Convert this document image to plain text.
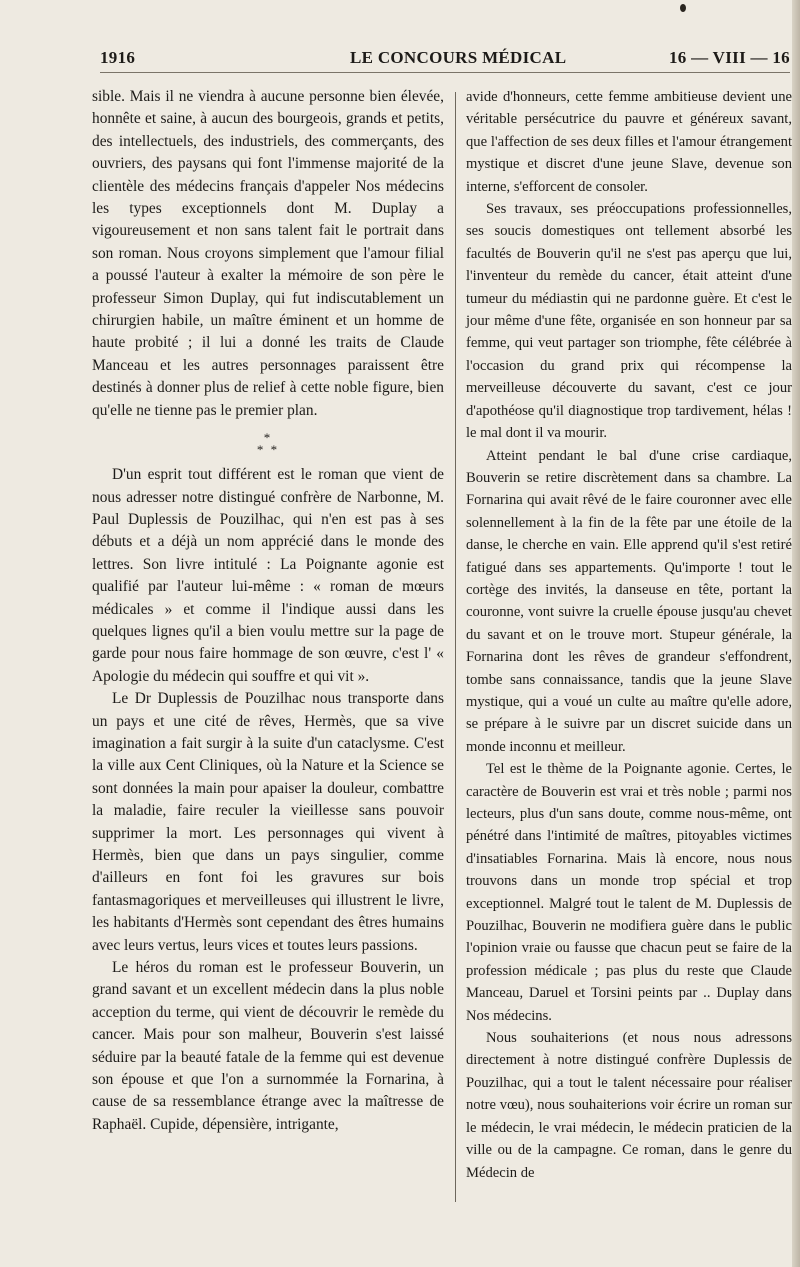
1916	LE CONCOURS MÉDICAL	16 — VIII — 16

sible. Mais il ne viendra à aucune personne bien élevée, honnête et saine, à aucun des bourgeois, grands et petits, des intellectuels, des industriels, des commerçants, des ouvriers, des paysans qui font l'immense majorité de la clientèle des médecins français d'appeler Nos médecins les types exceptionnels dont M. Duplay a vigoureusement et non sans talent fait le portrait dans son roman. Nous croyons simplement que l'amour filial a poussé l'auteur à exalter la mémoire de son père le professeur Simon Duplay, qui fut indiscutablement un chirurgien habile, un maître éminent et un homme de haute probité ; il lui a donné les traits de Claude Manceau et les autres personnages paraissent être destinés à donner plus de relief à cette noble figure, bien qu'elle ne tienne pas le premier plan.

*
* *

D'un esprit tout différent est le roman que vient de nous adresser notre distingué confrère de Narbonne, M. Paul Duplessis de Pouzilhac, qui n'en est pas à ses débuts et a déjà un nom apprécié dans le monde des lettres. Son livre intitulé : La Poignante agonie est qualifié par l'auteur lui-même : « roman de mœurs médicales » et comme il l'indique aussi dans les quelques lignes qu'il a bien voulu mettre sur la page de garde pour nous faire hommage de son œuvre, c'est l' « Apologie du médecin qui souffre et qui vit ».

Le Dr Duplessis de Pouzilhac nous transporte dans un pays et une cité de rêves, Hermès, que sa vive imagination a fait surgir à la suite d'un cataclysme. C'est la ville aux Cent Cliniques, où la Nature et la Science se sont données la main pour apaiser la douleur, combattre la maladie, faire reculer la vieillesse sans pouvoir supprimer la mort. Les personnages qui vivent à Hermès, bien que dans un pays singulier, comme d'ailleurs en font foi les gravures sur bois fantasmagoriques et merveilleuses qui illustrent le livre, les habitants d'Hermès sont cependant des êtres humains avec leurs vertus, leurs vices et toutes leurs passions.

Le héros du roman est le professeur Bouverin, un grand savant et un excellent médecin dans la plus noble acception du terme, qui vient de découvrir le remède du cancer. Mais pour son malheur, Bouverin s'est laissé séduire par la beauté fatale de la femme qui est devenue son épouse et que l'on a surnommée la Fornarina, à cause de sa ressemblance étrange avec la maîtresse de Raphaël. Cupide, dépensière, intrigante,

avide d'honneurs, cette femme ambitieuse devient une véritable persécutrice du pauvre et généreux savant, que l'affection de ses deux filles et l'amour étrangement mystique et discret d'une jeune Slave, devenue son interne, s'efforcent de consoler.

Ses travaux, ses préoccupations professionnelles, ses soucis domestiques ont tellement absorbé les facultés de Bouverin qu'il ne s'est pas aperçu que lui, l'inventeur du remède du cancer, était atteint d'une tumeur du médiastin qui ne pardonne guère. Et c'est le jour même d'une fête, organisée en son honneur par sa femme, qui veut partager son triomphe, fête célébrée à l'occasion du grand prix qui récompense la merveilleuse découverte du savant, c'est ce jour d'apothéose qu'il diagnostique trop tardivement, hélas ! le mal dont il va mourir.

Atteint pendant le bal d'une crise cardiaque, Bouverin se retire discrètement dans sa chambre. La Fornarina qui avait rêvé de le faire couronner avec elle solennellement à la fin de la fête par une étoile de la danse, le cherche en vain. Elle apprend qu'il s'est retiré fatigué dans ses appartements. Qu'importe ! tout le cortège des invités, la danseuse en tête, portant la couronne, vont suivre la cruelle épouse jusqu'au chevet du savant et on le trouve mort. Stupeur générale, la Fornarina dont les rêves de grandeur s'effondrent, tombe sans connaissance, tandis que la jeune Slave mystique, qui a voué un culte au maître qu'elle adore, se prépare à le suivre par un discret suicide dans un monde inconnu et meilleur.

Tel est le thème de la Poignante agonie. Certes, le caractère de Bouverin est vrai et très noble ; parmi nos lecteurs, plus d'un sans doute, comme nous-même, ont pénétré dans l'intimité de maîtres, pitoyables victimes d'insatiables Fornarina. Mais là encore, nous nous trouvons dans un monde trop spécial et trop exceptionnel. Malgré tout le talent de M. Duplessis de Pouzilhac, Bouverin ne modifiera guère dans le public l'opinion vraie ou fausse que chacun peut se faire de la profession médicale ; pas plus du reste que Claude Manceau, Daruel et Torsini peints par .. Duplay dans Nos médecins.

Nous souhaiterions (et nous nous adressons directement à notre distingué confrère Duplessis de Pouzilhac, qui a tout le talent nécessaire pour réaliser notre vœu), nous souhaiterions voir écrire un roman sur le médecin, le vrai médecin, le médecin praticien de la ville ou de la campagne. Ce roman, dans le genre du Médecin de
